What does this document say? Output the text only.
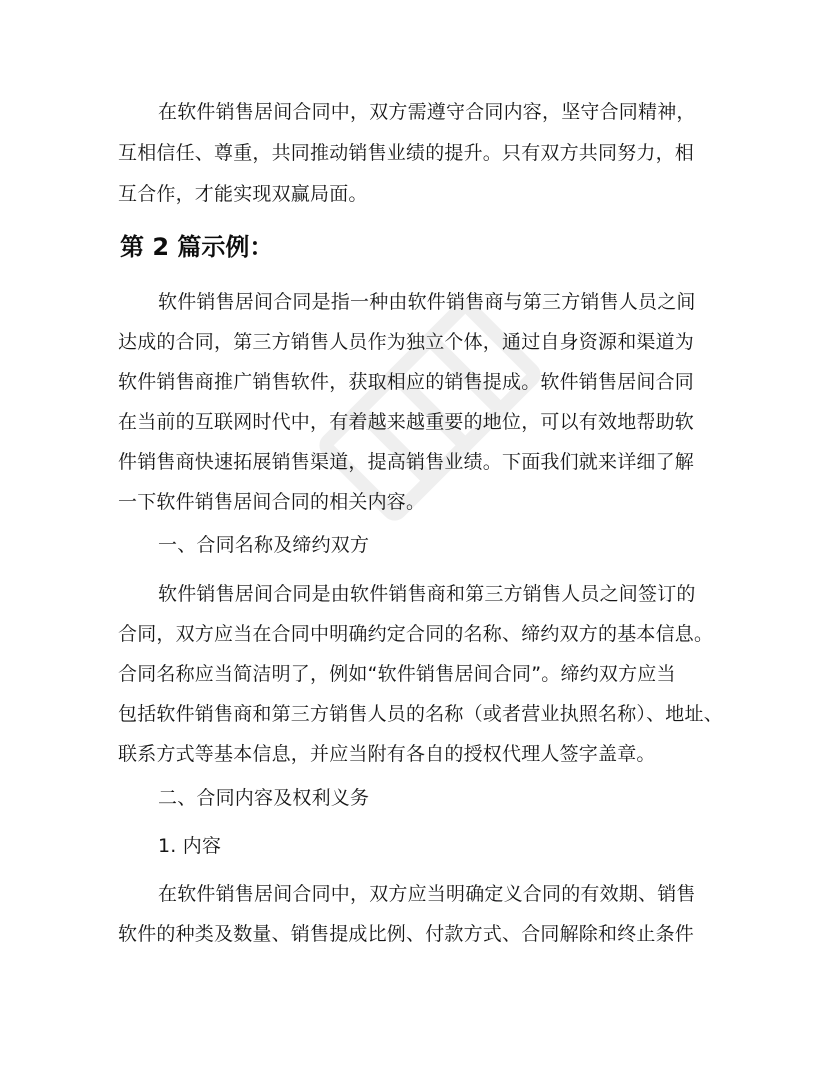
在软件销售居间合同中，双方需遵守合同内容，坚守合同精神，
互相信任、尊重，共同推动销售业绩的提升。只有双方共同努力，相
互合作，才能实现双赢局面。
第 2 篇示例：
软件销售居间合同是指一种由软件销售商与第三方销售人员之间
达成的合同，第三方销售人员作为独立个体，通过自身资源和渠道为
软件销售商推广销售软件，获取相应的销售提成。软件销售居间合同
在当前的互联网时代中，有着越来越重要的地位，可以有效地帮助软
件销售商快速拓展销售渠道，提高销售业绩。下面我们就来详细了解
一下软件销售居间合同的相关内容。
一、合同名称及缔约双方
软件销售居间合同是由软件销售商和第三方销售人员之间签订的
合同，双方应当在合同中明确约定合同的名称、缔约双方的基本信息。
合同名称应当简洁明了，例如“软件销售居间合同”。缔约双方应当
包括软件销售商和第三方销售人员的名称（或者营业执照名称）、地址、
联系方式等基本信息，并应当附有各自的授权代理人签字盖章。
二、合同内容及权利义务
1. 内容
在软件销售居间合同中，双方应当明确定义合同的有效期、销售
软件的种类及数量、销售提成比例、付款方式、合同解除和终止条件
